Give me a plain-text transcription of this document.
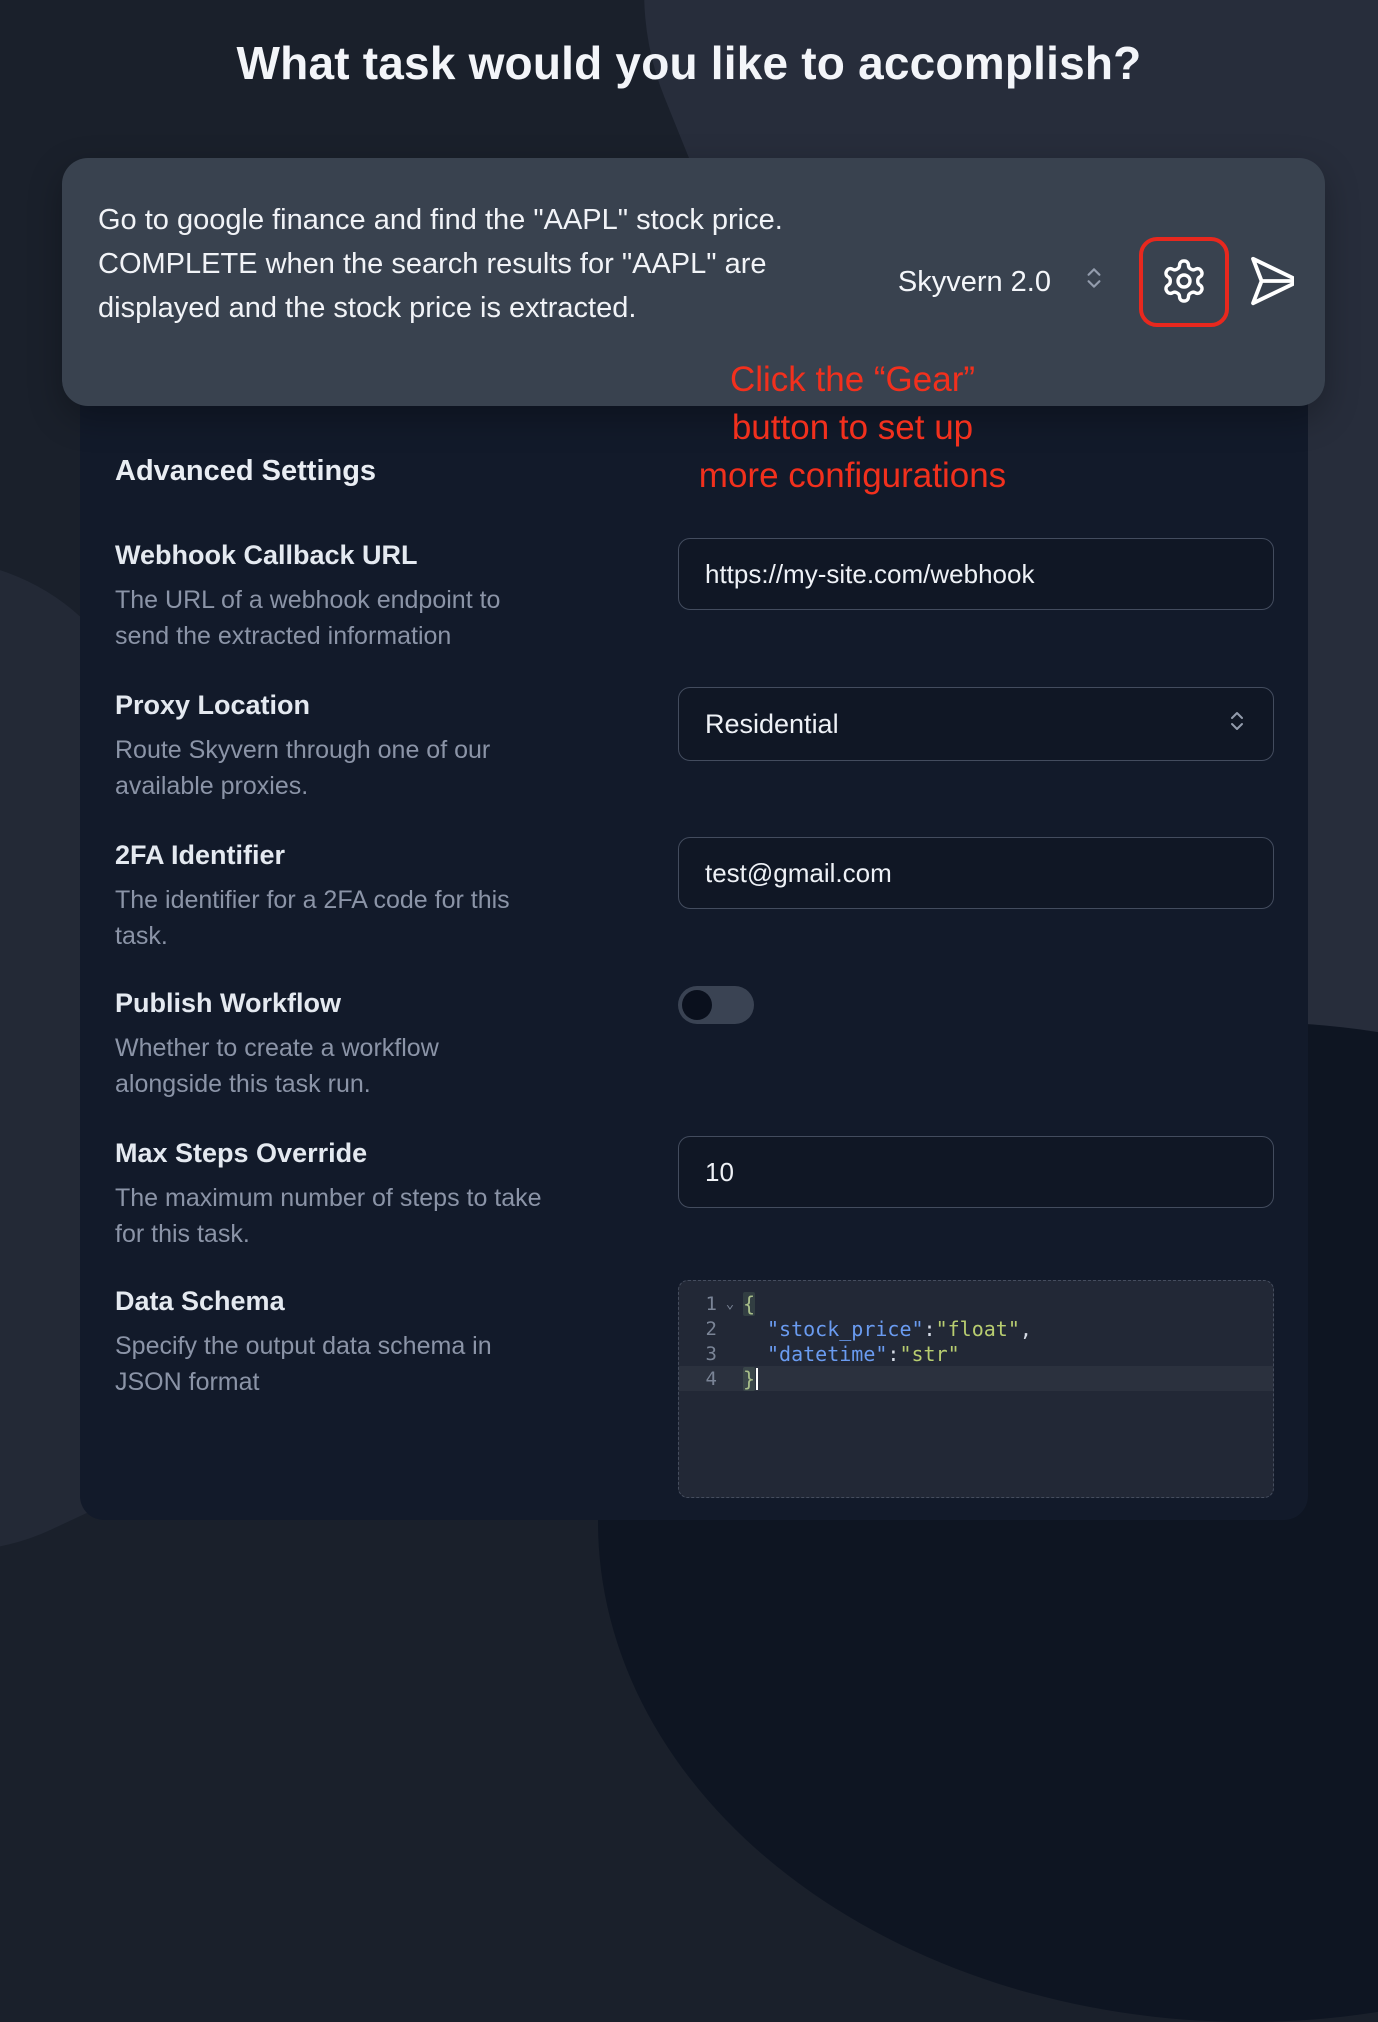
What task would you like to accomplish?
Go to google finance and find the "AAPL" stock price. COMPLETE when the search results for "AAPL" are displayed and the stock price is extracted.
Skyvern 2.0
Click the “Gear”
button to set up
more configurations
Advanced Settings
Webhook Callback URL
The URL of a webhook endpoint to send the extracted information
https://my-site.com/webhook
Proxy Location
Route Skyvern through one of our available proxies.
Residential
2FA Identifier
The identifier for a 2FA code for this task.
test@gmail.com
Publish Workflow
Whether to create a workflow alongside this task run.
Max Steps Override
The maximum number of steps to take for this task.
10
Data Schema
Specify the output data schema in JSON format
1 ⌄ {
2	"stock_price" : "float" ,
3	"datetime" : "str"
4 }
